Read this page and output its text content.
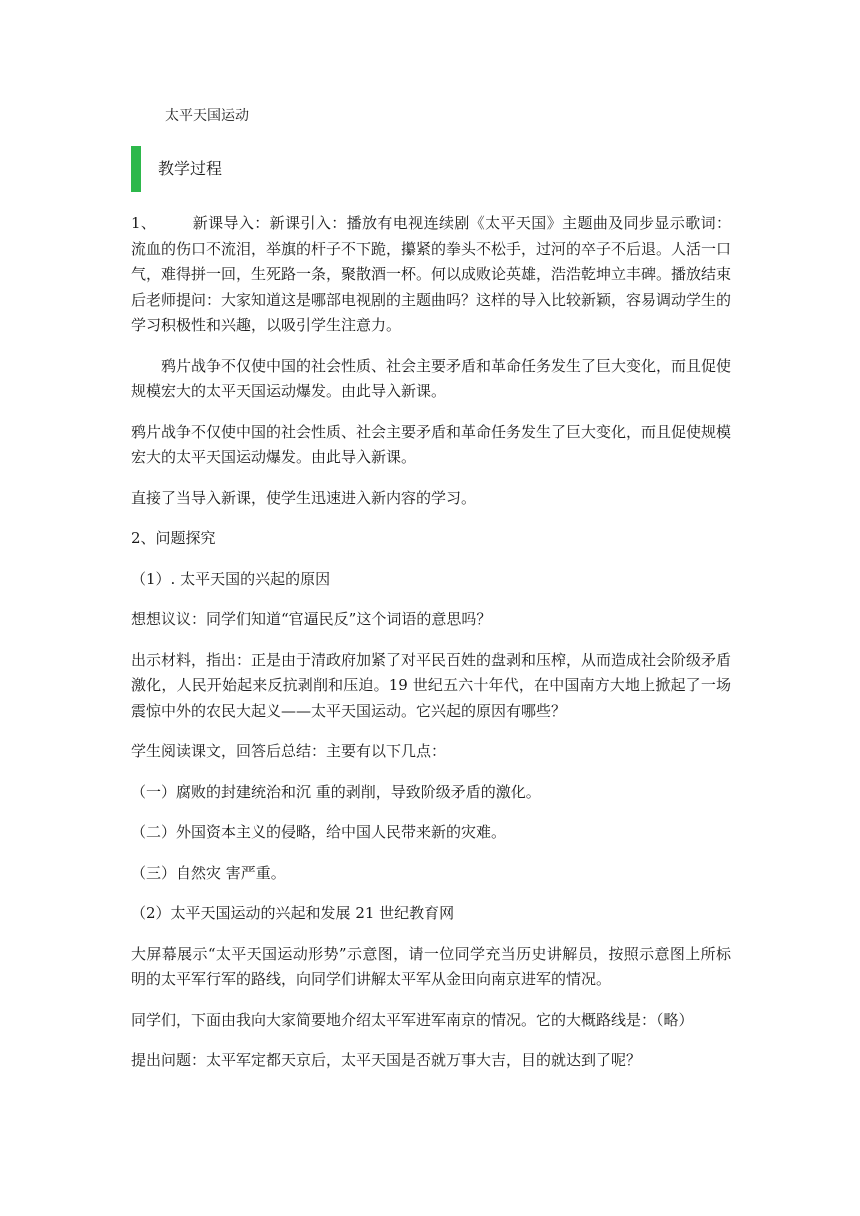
太平天国运动
教学过程

1、 新课导入：新课引入：播放有电视连续剧《太平天国》主题曲及同步显示歌词：流血的伤口不流泪，举旗的杆子不下跪，攥紧的拳头不松手，过河的卒子不后退。人活一口气，难得拼一回，生死路一条，聚散酒一杯。何以成败论英雄，浩浩乾坤立丰碑。播放结束后老师提问：大家知道这是哪部电视剧的主题曲吗？这样的导入比较新颖，容易调动学生的学习积极性和兴趣，以吸引学生注意力。

鸦片战争不仅使中国的社会性质、社会主要矛盾和革命任务发生了巨大变化，而且促使规模宏大的太平天国运动爆发。由此导入新课。

鸦片战争不仅使中国的社会性质、社会主要矛盾和革命任务发生了巨大变化，而且促使规模宏大的太平天国运动爆发。由此导入新课。

直接了当导入新课，使学生迅速进入新内容的学习。

2、问题探究

（1）. 太平天国的兴起的原因

想想议议：同学们知道“官逼民反”这个词语的意思吗？

出示材料，指出：正是由于清政府加紧了对平民百姓的盘剥和压榨，从而造成社会阶级矛盾激化，人民开始起来反抗剥削和压迫。19 世纪五六十年代，在中国南方大地上掀起了一场震惊中外的农民大起义——太平天国运动。它兴起的原因有哪些？

学生阅读课文，回答后总结：主要有以下几点：

（一）腐败的封建统治和沉 重的剥削，导致阶级矛盾的激化。

（二）外国资本主义的侵略，给中国人民带来新的灾难。

（三）自然灾 害严重。

（2）太平天国运动的兴起和发展 21 世纪教育网

大屏幕展示“太平天国运动形势”示意图，请一位同学充当历史讲解员，按照示意图上所标明的太平军行军的路线，向同学们讲解太平军从金田向南京进军的情况。

同学们，下面由我向大家简要地介绍太平军进军南京的情况。它的大概路线是：（略）

提出问题：太平军定都天京后，太平天国是否就万事大吉，目的就达到了呢？
